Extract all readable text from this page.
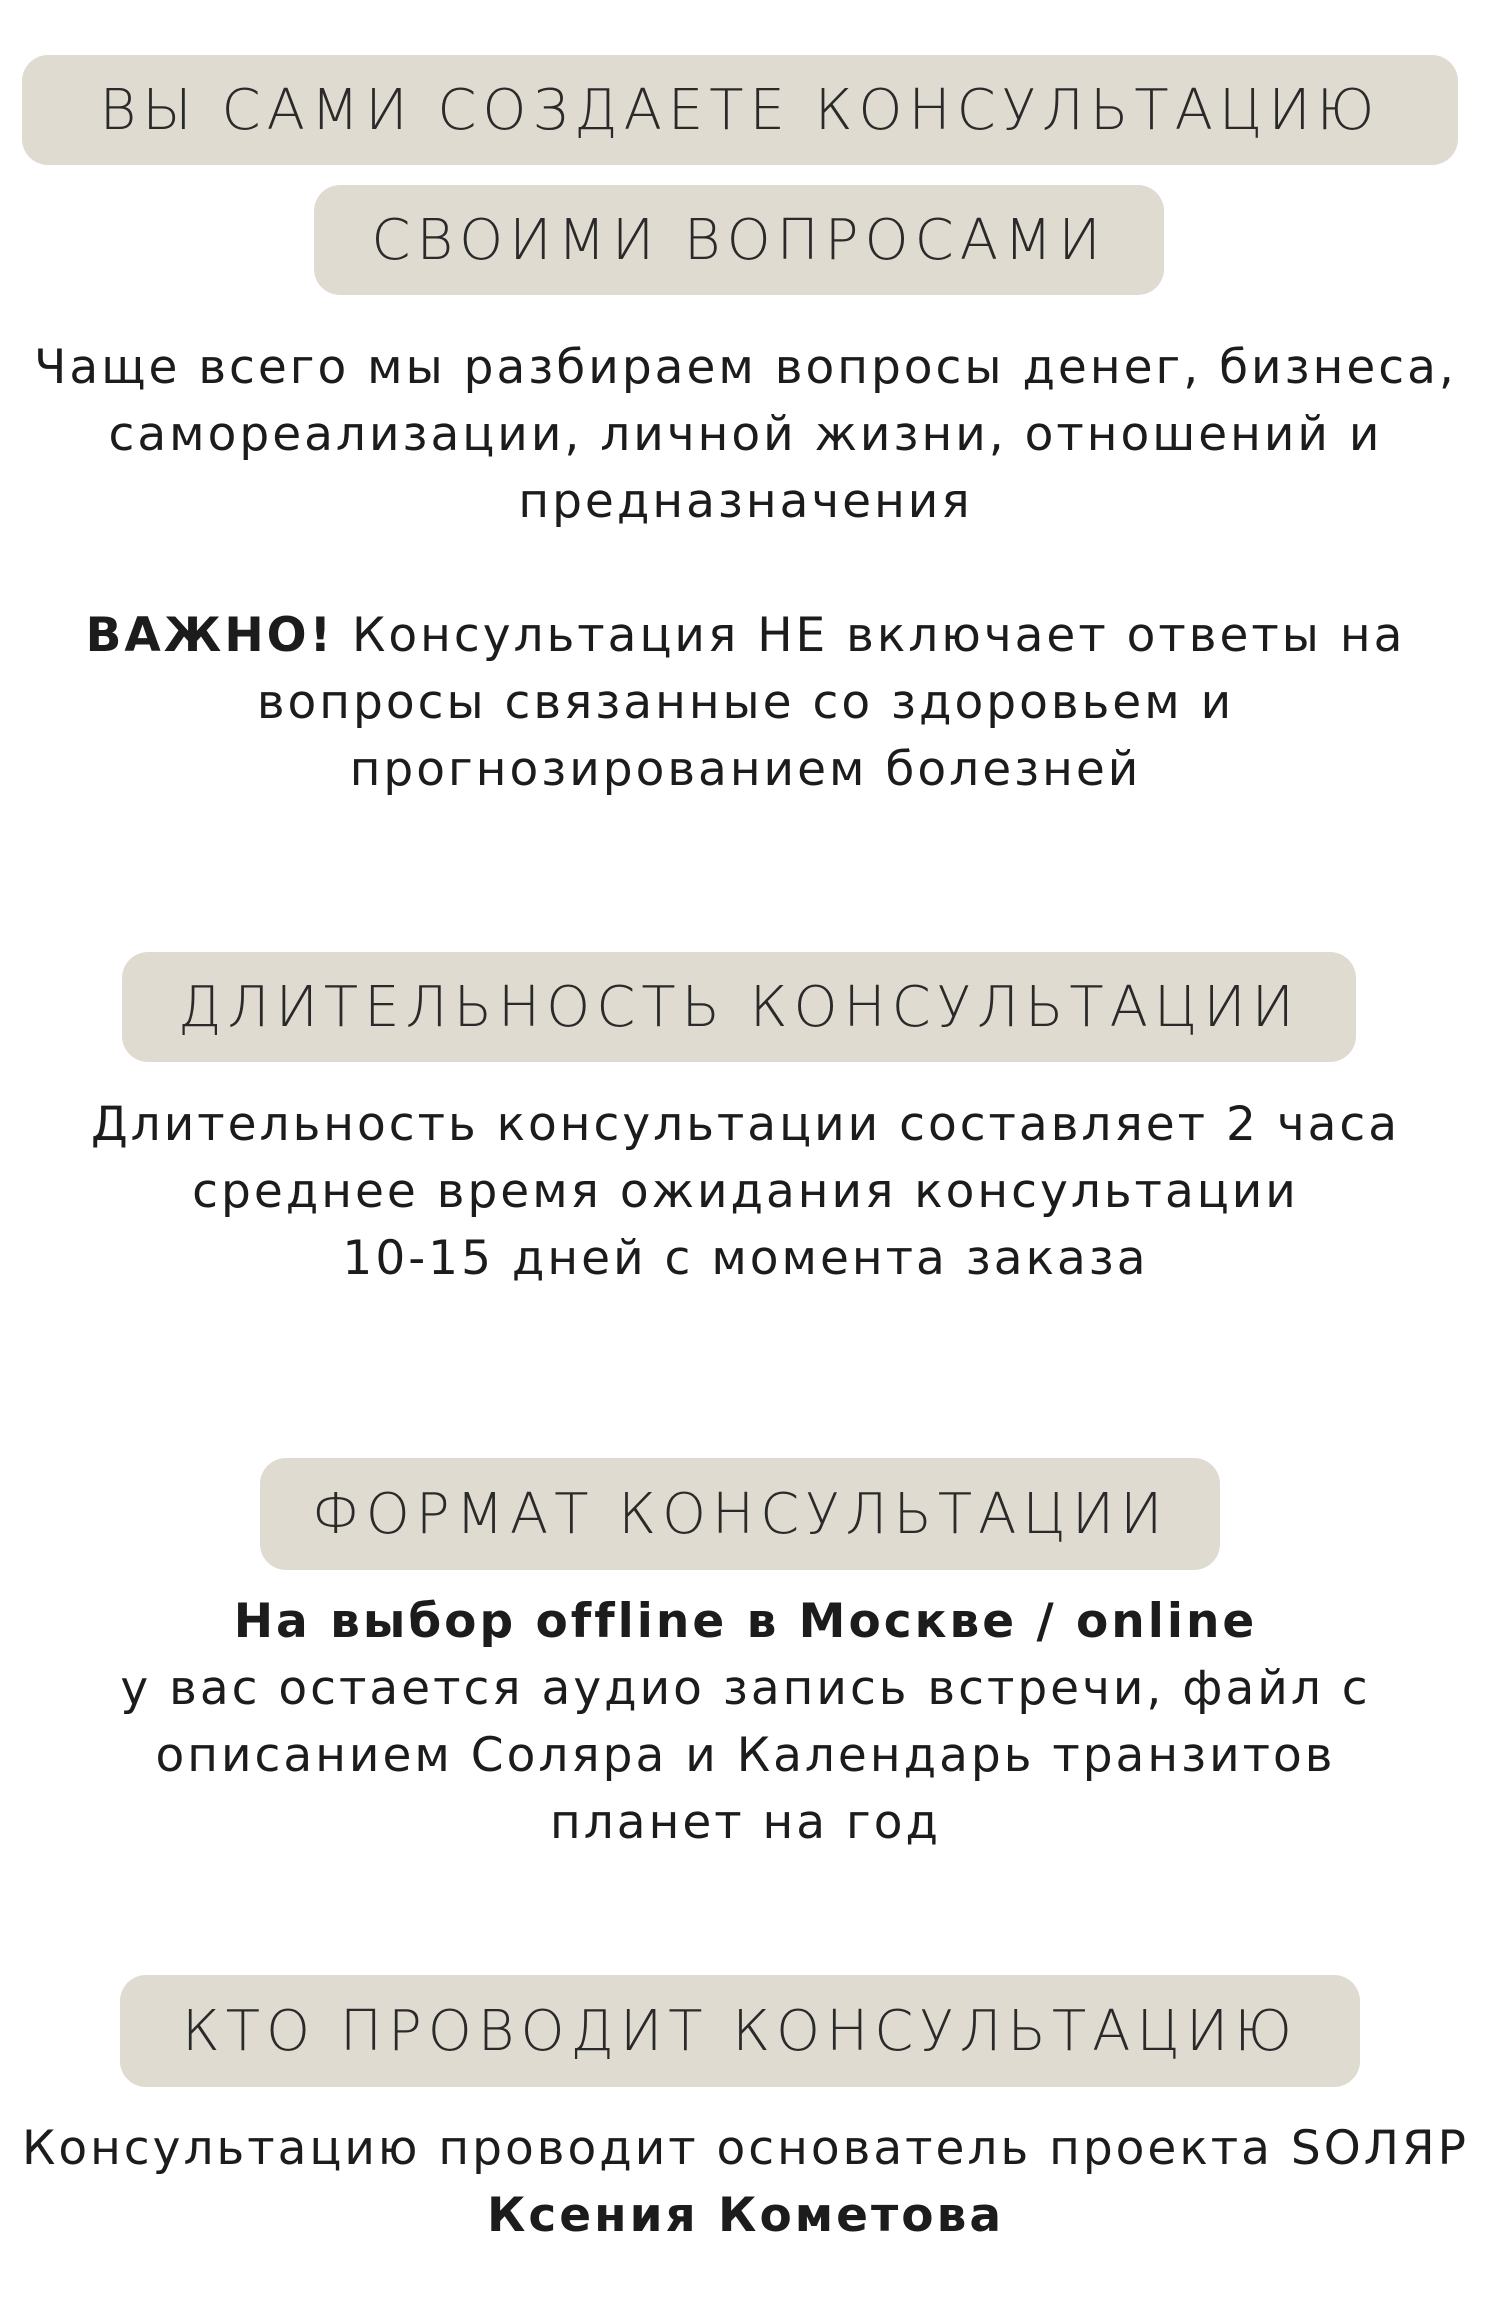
ВЫ САМИ СОЗДАЕТЕ КОНСУЛЬТАЦИЮ
СВОИМИ ВОПРОСАМИ
Чаще всего мы разбираем вопросы денег, бизнеса,
самореализации, личной жизни, отношений и
предназначения
ВАЖНО! Консультация НЕ включает ответы на
вопросы связанные со здоровьем и
прогнозированием болезней
ДЛИТЕЛЬНОСТЬ КОНСУЛЬТАЦИИ
Длительность консультации составляет 2 часа
среднее время ожидания консультации
10-15 дней с момента заказа
ФОРМАТ КОНСУЛЬТАЦИИ
На выбор offline в Москве / online
у вас остается аудио запись встречи, файл с
описанием Соляра и Календарь транзитов
планет на год
КТО ПРОВОДИТ КОНСУЛЬТАЦИЮ
Консультацию проводит основатель проекта SOЛЯР
Ксения Кометова
